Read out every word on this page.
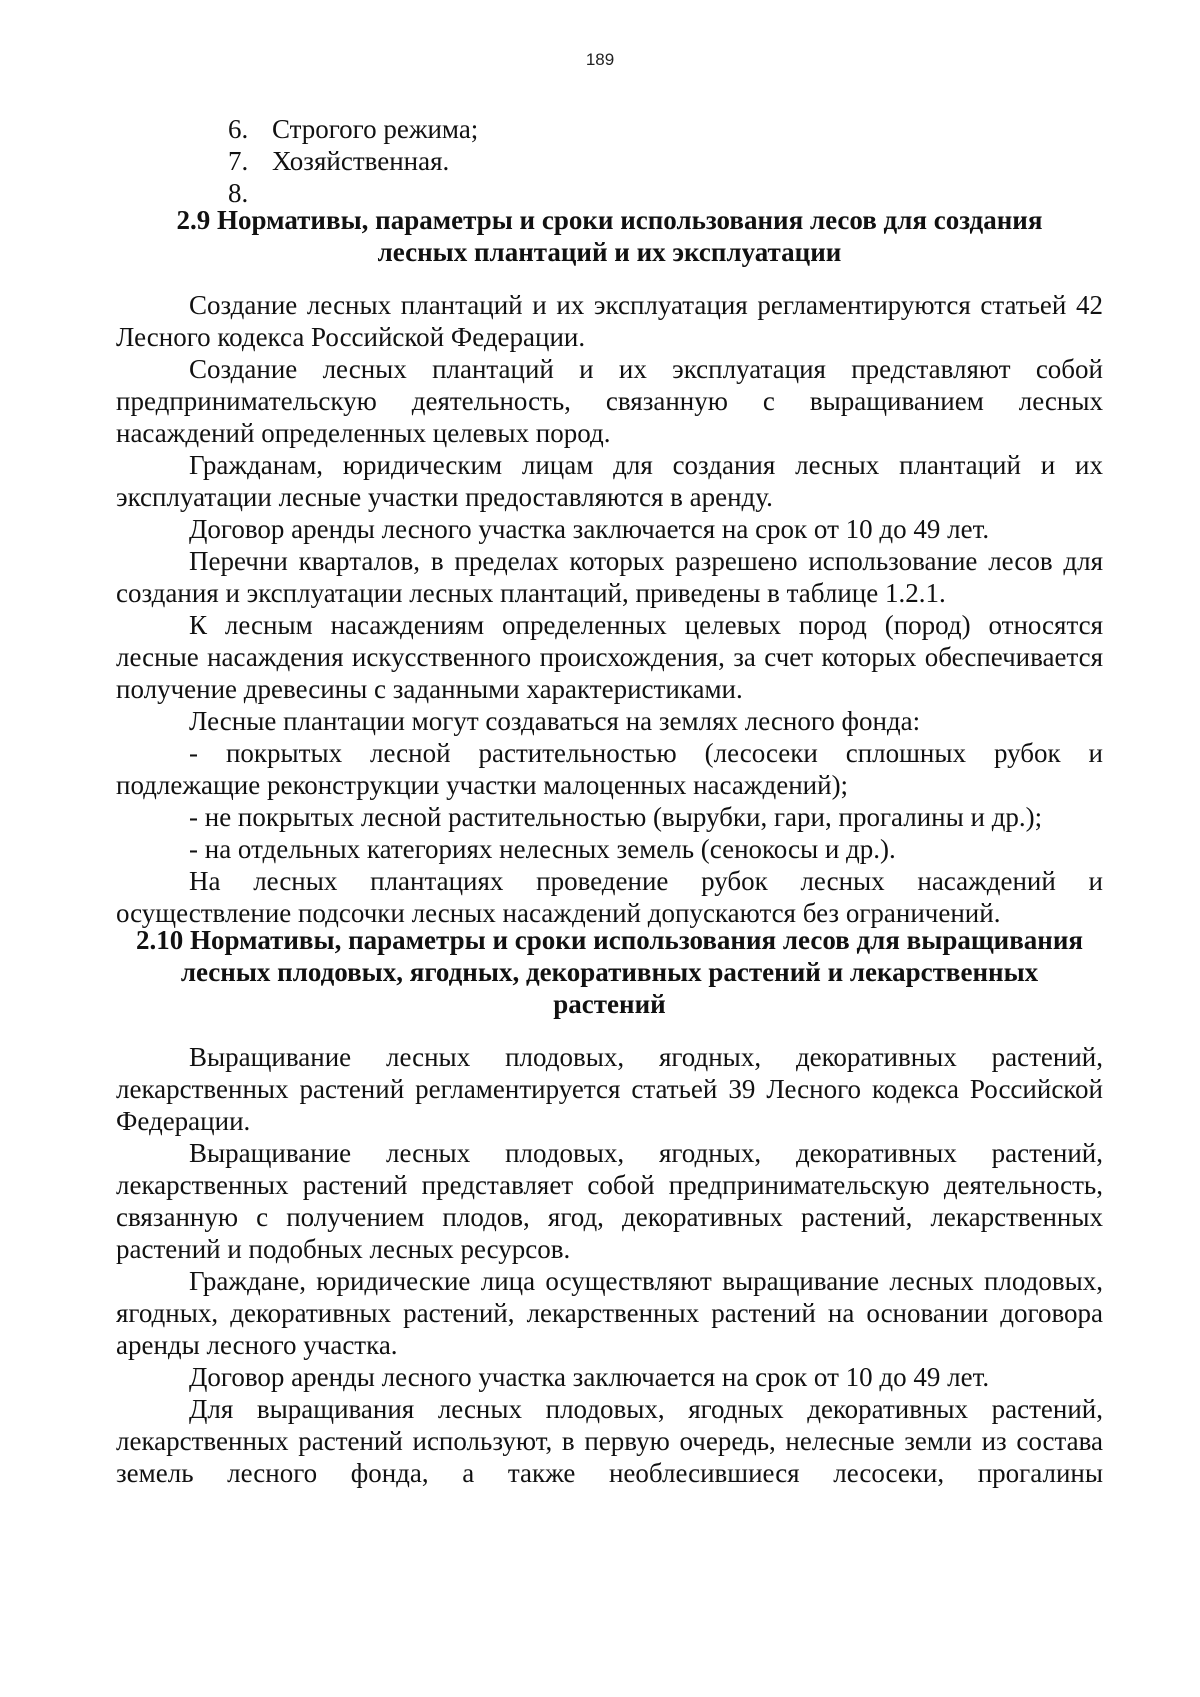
189
6. Строгого режима;
7. Хозяйственная.
8.
2.9 Нормативы, параметры и сроки использования лесов для создания
лесных плантаций и их эксплуатации

Создание лесных плантаций и их эксплуатация регламентируются статьей 42 Лесного кодекса Российской Федерации.

Создание лесных плантаций и их эксплуатация представляют собой предпринимательскую деятельность, связанную с выращиванием лесных насаждений определенных целевых пород.

Гражданам, юридическим лицам для создания лесных плантаций и их эксплуатации лесные участки предоставляются в аренду.

Договор аренды лесного участка заключается на срок от 10 до 49 лет.

Перечни кварталов, в пределах которых разрешено использование лесов для создания и эксплуатации лесных плантаций, приведены в таблице 1.2.1.

К лесным насаждениям определенных целевых пород (пород) относятся лесные насаждения искусственного происхождения, за счет которых обеспечивается получение древесины с заданными характеристиками.

Лесные плантации могут создаваться на землях лесного фонда:

- покрытых лесной растительностью (лесосеки сплошных рубок и подлежащие реконструкции участки малоценных насаждений);

- не покрытых лесной растительностью (вырубки, гари, прогалины и др.);

- на отдельных категориях нелесных земель (сенокосы и др.).

На лесных плантациях проведение рубок лесных насаждений и осуществление подсочки лесных насаждений допускаются без ограничений.

2.10 Нормативы, параметры и сроки использования лесов для выращивания
лесных плодовых, ягодных, декоративных растений и лекарственных
растений

Выращивание лесных плодовых, ягодных, декоративных растений, лекарственных растений регламентируется статьей 39 Лесного кодекса Российской Федерации.

Выращивание лесных плодовых, ягодных, декоративных растений, лекарственных растений представляет собой предпринимательскую деятельность, связанную с получением плодов, ягод, декоративных растений, лекарственных растений и подобных лесных ресурсов.

Граждане, юридические лица осуществляют выращивание лесных плодовых, ягодных, декоративных растений, лекарственных растений на основании договора аренды лесного участка.

Договор аренды лесного участка заключается на срок от 10 до 49 лет.

Для выращивания лесных плодовых, ягодных декоративных растений, лекарственных растений используют, в первую очередь, нелесные земли из состава земель лесного фонда, а также необлесившиеся лесосеки, прогалины
